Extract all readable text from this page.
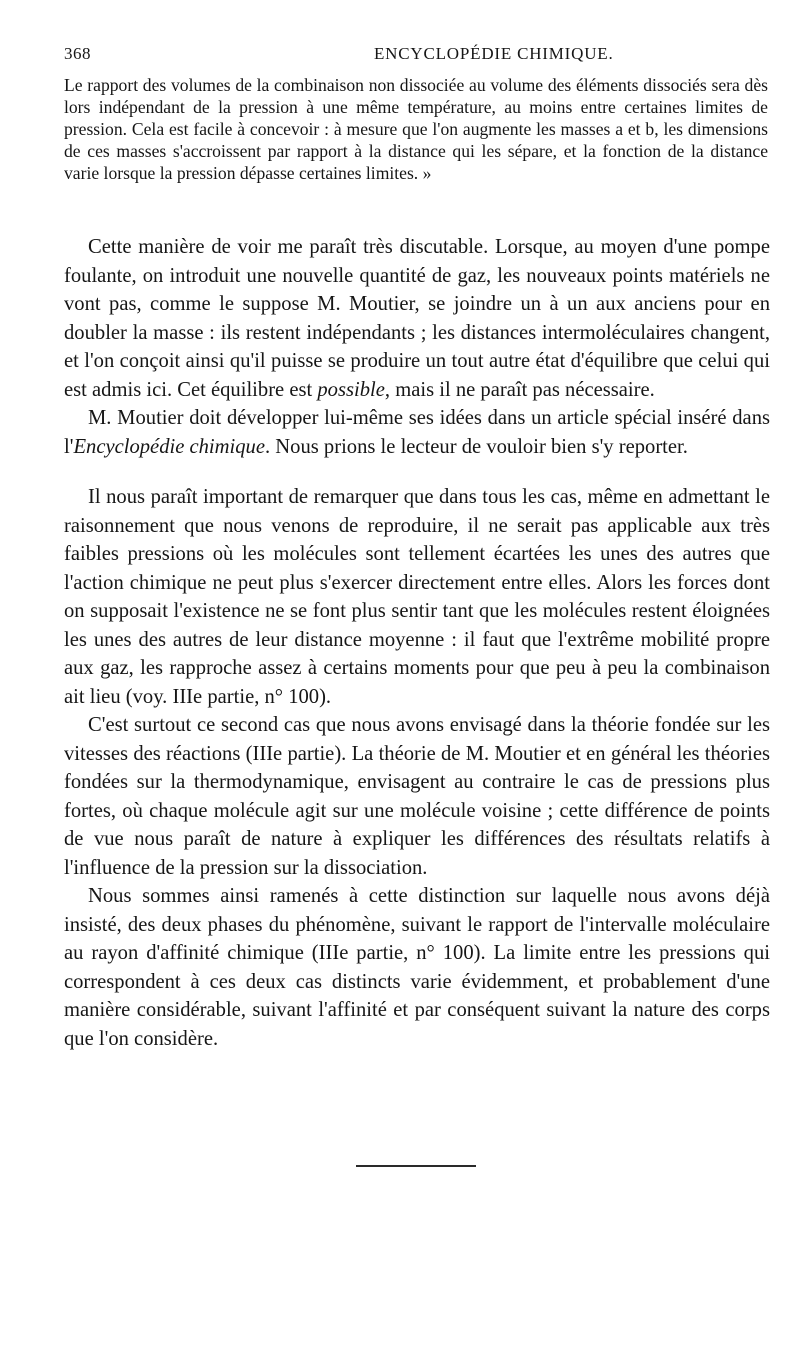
368	ENCYCLOPÉDIE CHIMIQUE.

Le rapport des volumes de la combinaison non dissociée au volume des éléments dissociés sera dès lors indépendant de la pression à une même température, au moins entre certaines limites de pression. Cela est facile à concevoir : à mesure que l'on augmente les masses a et b, les dimensions de ces masses s'accroissent par rapport à la distance qui les sépare, et la fonction de la distance varie lorsque la pression dépasse certaines limites. »

Cette manière de voir me paraît très discutable. Lorsque, au moyen d'une pompe foulante, on introduit une nouvelle quantité de gaz, les nouveaux points matériels ne vont pas, comme le suppose M. Moutier, se joindre un à un aux anciens pour en doubler la masse : ils restent indépendants ; les distances intermoléculaires changent, et l'on conçoit ainsi qu'il puisse se produire un tout autre état d'équilibre que celui qui est admis ici. Cet équilibre est possible, mais il ne paraît pas nécessaire.

M. Moutier doit développer lui-même ses idées dans un article spécial inséré dans l'Encyclopédie chimique. Nous prions le lecteur de vouloir bien s'y reporter.

Il nous paraît important de remarquer que dans tous les cas, même en admettant le raisonnement que nous venons de reproduire, il ne serait pas applicable aux très faibles pressions où les molécules sont tellement écartées les unes des autres que l'action chimique ne peut plus s'exercer directement entre elles. Alors les forces dont on supposait l'existence ne se font plus sentir tant que les molécules restent éloignées les unes des autres de leur distance moyenne : il faut que l'extrême mobilité propre aux gaz, les rapproche assez à certains moments pour que peu à peu la combinaison ait lieu (voy. IIIe partie, n° 100).

C'est surtout ce second cas que nous avons envisagé dans la théorie fondée sur les vitesses des réactions (IIIe partie). La théorie de M. Moutier et en général les théories fondées sur la thermodynamique, envisagent au contraire le cas de pressions plus fortes, où chaque molécule agit sur une molécule voisine ; cette différence de points de vue nous paraît de nature à expliquer les différences des résultats relatifs à l'influence de la pression sur la dissociation.

Nous sommes ainsi ramenés à cette distinction sur laquelle nous avons déjà insisté, des deux phases du phénomène, suivant le rapport de l'intervalle moléculaire au rayon d'affinité chimique (IIIe partie, n° 100). La limite entre les pressions qui correspondent à ces deux cas distincts varie évidemment, et probablement d'une manière considérable, suivant l'affinité et par conséquent suivant la nature des corps que l'on considère.
